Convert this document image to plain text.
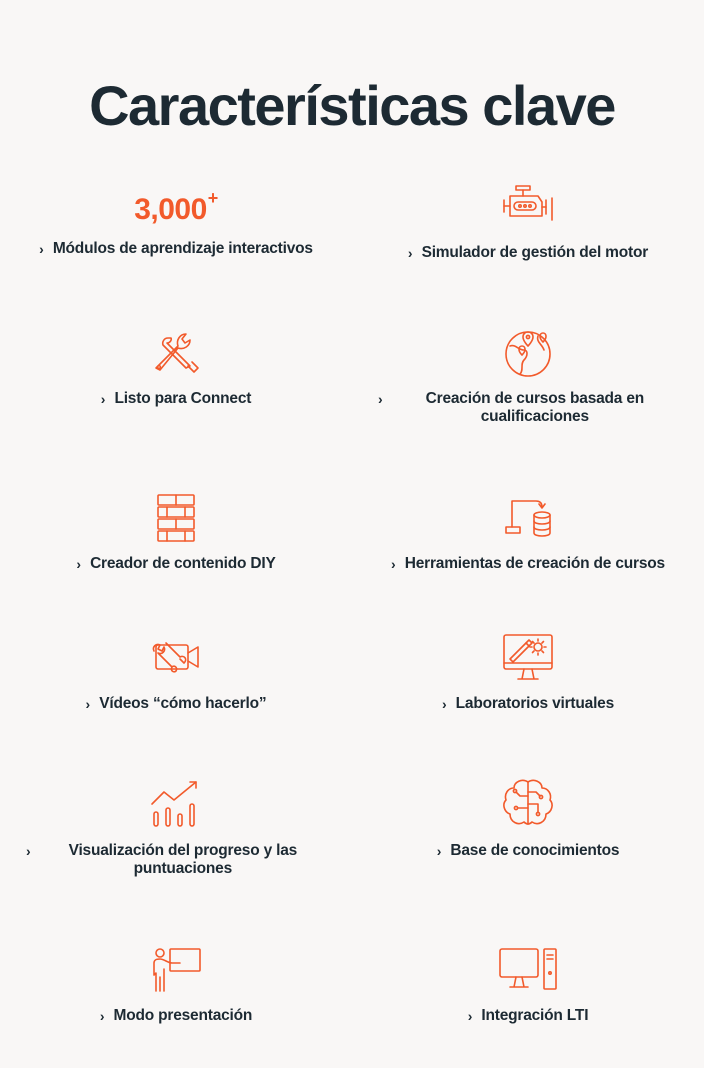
Características clave
3,000+
› Módulos de aprendizaje interactivos	› Simulador de gestión del motor
› Listo para Connect	›	Creación de cursos basada en cualificaciones
› Creador de contenido DIY	› Herramientas de creación de cursos
› Vídeos “cómo hacerlo”	› Laboratorios virtuales
›	Visualización del progreso y las puntuaciones
› Base de conocimientos
› Modo presentación	› Integración LTI
